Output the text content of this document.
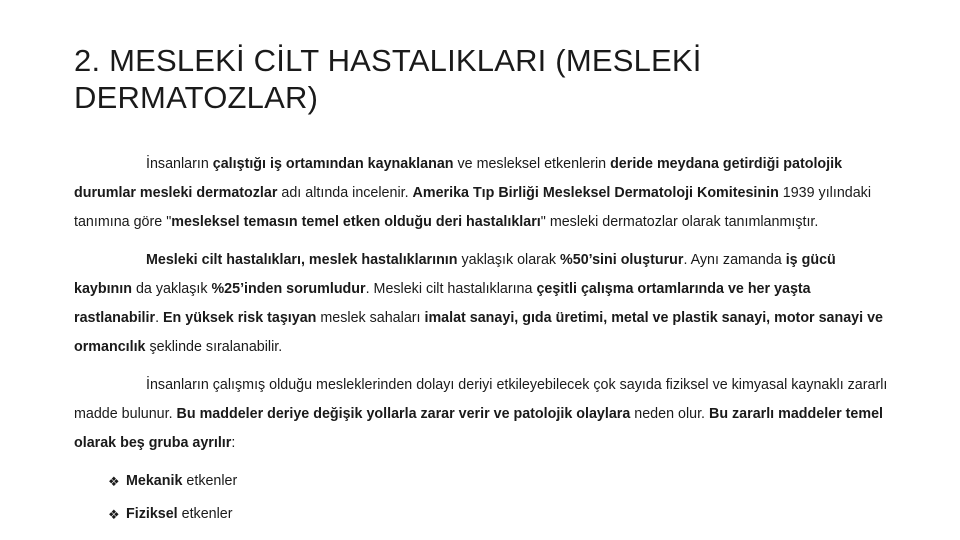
2. MESLEKİ CİLT HASTALIKLARI (MESLEKİ DERMATOZLAR)

İnsanların çalıştığı iş ortamından kaynaklanan ve mesleksel etkenlerin deride meydana getirdiği patolojik durumlar mesleki dermatozlar adı altında incelenir. Amerika Tıp Birliği Mesleksel Dermatoloji Komitesinin 1939 yılındaki tanımına göre "mesleksel temasın temel etken olduğu deri hastalıkları" mesleki dermatozlar olarak tanımlanmıştır.

Mesleki cilt hastalıkları, meslek hastalıklarının yaklaşık olarak %50’sini oluşturur. Aynı zamanda iş gücü kaybının da yaklaşık %25’inden sorumludur. Mesleki cilt hastalıklarına çeşitli çalışma ortamlarında ve her yaşta rastlanabilir. En yüksek risk taşıyan meslek sahaları imalat sanayi, gıda üretimi, metal ve plastik sanayi, motor sanayi ve ormancılık şeklinde sıralanabilir.

İnsanların çalışmış olduğu mesleklerinden dolayı deriyi etkileyebilecek çok sayıda fiziksel ve kimyasal kaynaklı zararlı madde bulunur. Bu maddeler deriye değişik yollarla zarar verir ve patolojik olaylara neden olur. Bu zararlı maddeler temel olarak beş gruba ayrılır:

❖ Mekanik etkenler
❖ Fiziksel etkenler
